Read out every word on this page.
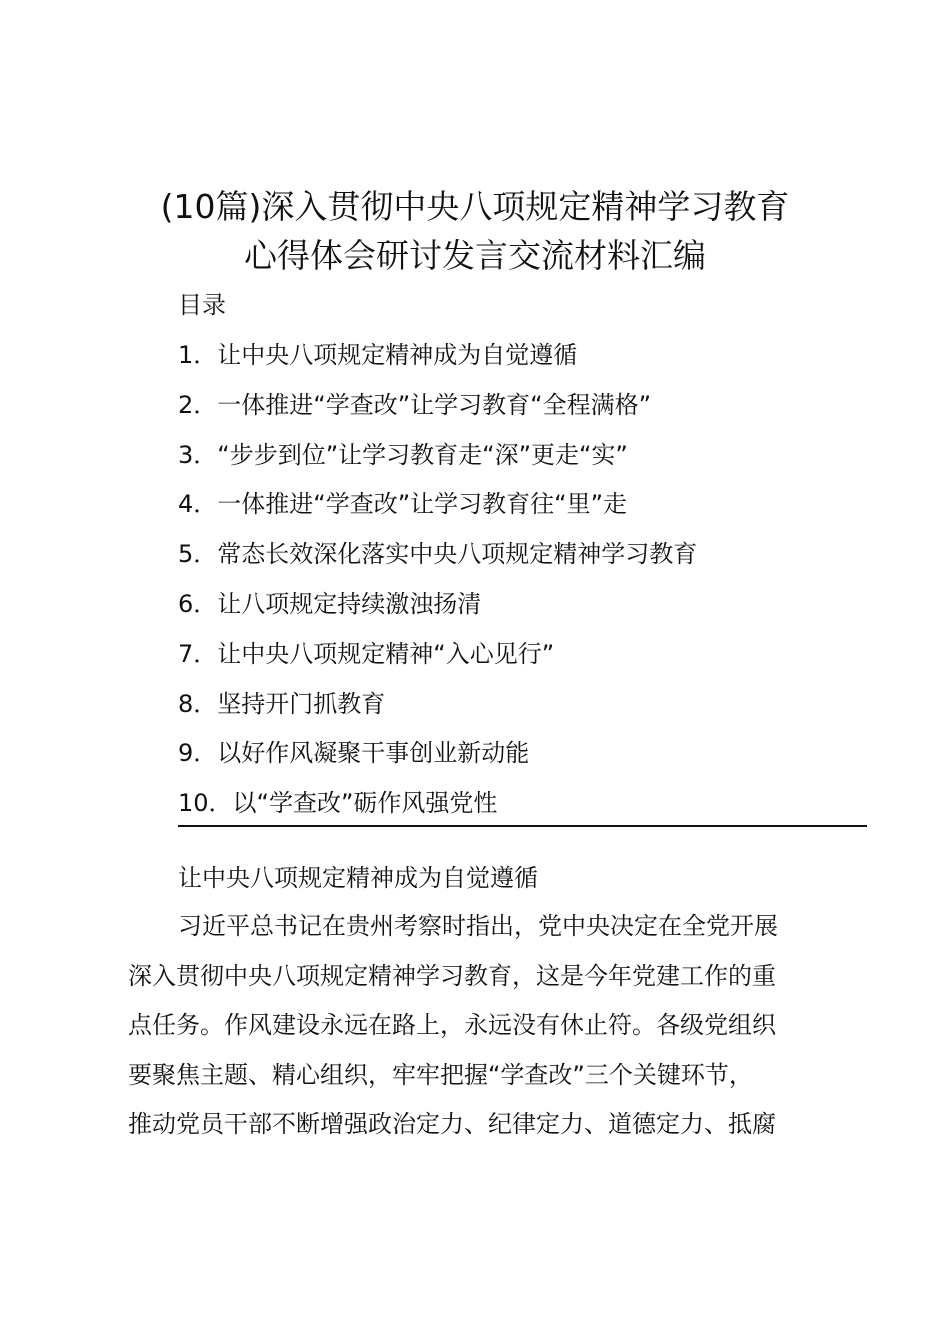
(10篇)深入贯彻中央八项规定精神学习教育
心得体会研讨发言交流材料汇编
目录
1．让中央八项规定精神成为自觉遵循
2．一体推进“学查改”让学习教育“全程满格”
3．“步步到位”让学习教育走“深”更走“实”
4．一体推进“学查改”让学习教育往“里”走
5．常态长效深化落实中央八项规定精神学习教育
6．让八项规定持续激浊扬清
7．让中央八项规定精神“入心见行”
8．坚持开门抓教育
9．以好作风凝聚干事创业新动能
10．以“学查改”砺作风强党性
让中央八项规定精神成为自觉遵循
习近平总书记在贵州考察时指出，党中央决定在全党开展
深入贯彻中央八项规定精神学习教育，这是今年党建工作的重
点任务。作风建设永远在路上，永远没有休止符。各级党组织
要聚焦主题、精心组织，牢牢把握“学查改”三个关键环节，
推动党员干部不断增强政治定力、纪律定力、道德定力、抵腐
